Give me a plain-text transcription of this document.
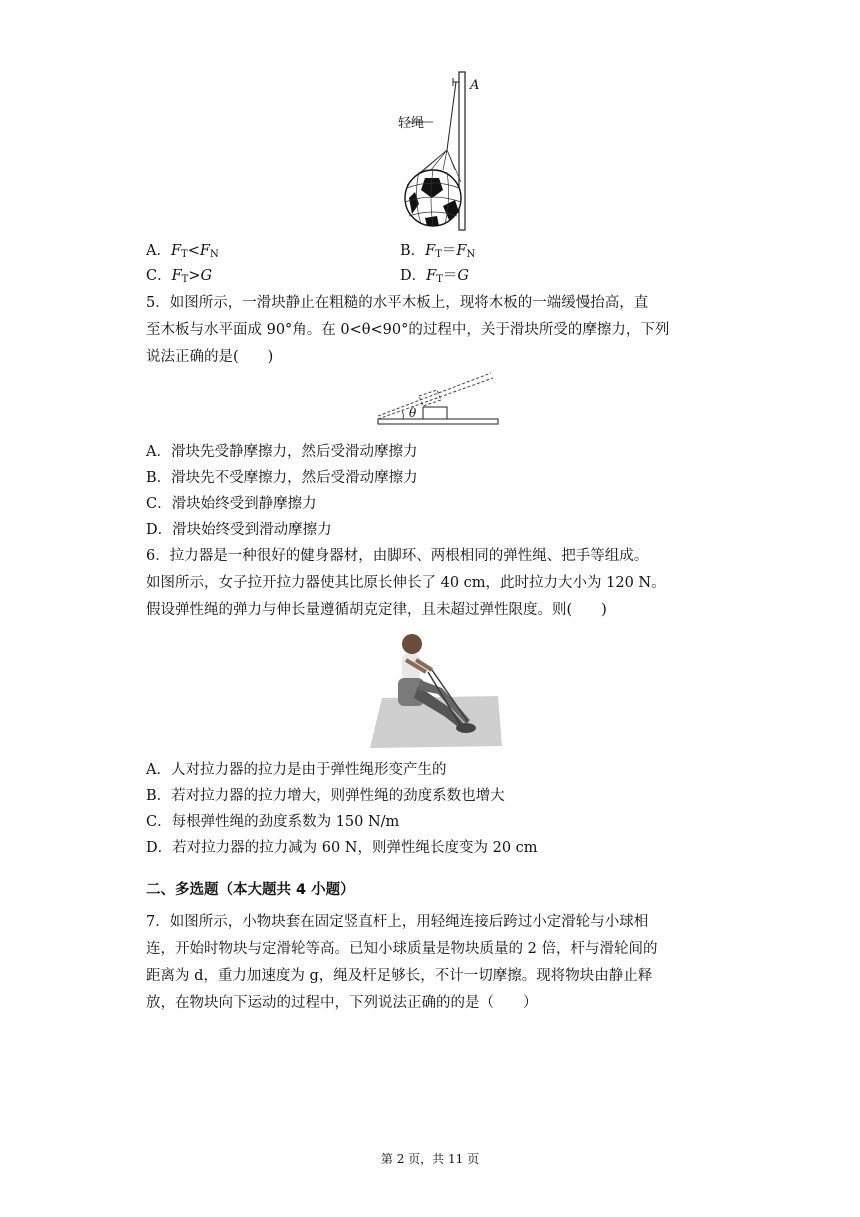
轻绳
A
A．$F_T<F_N$	B．$F_T=F_N$
C．$F_T>G$	D．$F_T=G$
5．如图所示，一滑块静止在粗糙的水平木板上，现将木板的一端缓慢抬高，直
至木板与水平面成 90°角。在 0<θ<90°的过程中，关于滑块所受的摩擦力，下列
说法正确的是(　　)
θ
A．滑块先受静摩擦力，然后受滑动摩擦力
B．滑块先不受摩擦力，然后受滑动摩擦力
C．滑块始终受到静摩擦力
D．滑块始终受到滑动摩擦力
6．拉力器是一种很好的健身器材，由脚环、两根相同的弹性绳、把手等组成。
如图所示，女子拉开拉力器使其比原长伸长了 40 cm，此时拉力大小为 120 N。
假设弹性绳的弹力与伸长量遵循胡克定律，且未超过弹性限度。则(　　)
A．人对拉力器的拉力是由于弹性绳形变产生的
B．若对拉力器的拉力增大，则弹性绳的劲度系数也增大
C．每根弹性绳的劲度系数为 150 N/m
D．若对拉力器的拉力减为 60 N，则弹性绳长度变为 20 cm
二、多选题（本大题共 4 小题）
7．如图所示，小物块套在固定竖直杆上，用轻绳连接后跨过小定滑轮与小球相
连，开始时物块与定滑轮等高。已知小球质量是物块质量的 2 倍，杆与滑轮间的
距离为 d，重力加速度为 g，绳及杆足够长，不计一切摩擦。现将物块由静止释
放，在物块向下运动的过程中，下列说法正确的的是（　　）
第 2 页，共 11 页
